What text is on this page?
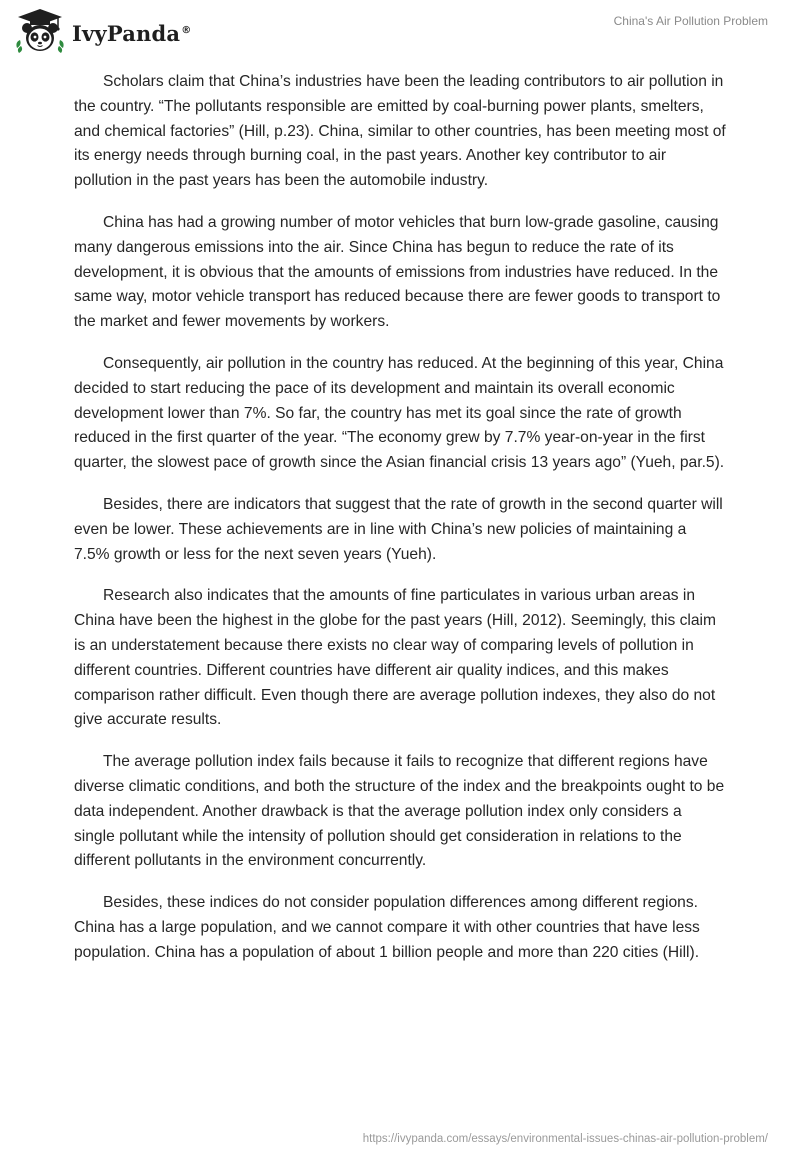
IvyPanda®
China's Air Pollution Problem

Scholars claim that China’s industries have been the leading contributors to air pollution in the country. “The pollutants responsible are emitted by coal-burning power plants, smelters, and chemical factories” (Hill, p.23). China, similar to other countries, has been meeting most of its energy needs through burning coal, in the past years. Another key contributor to air pollution in the past years has been the automobile industry.

China has had a growing number of motor vehicles that burn low-grade gasoline, causing many dangerous emissions into the air. Since China has begun to reduce the rate of its development, it is obvious that the amounts of emissions from industries have reduced. In the same way, motor vehicle transport has reduced because there are fewer goods to transport to the market and fewer movements by workers.

Consequently, air pollution in the country has reduced. At the beginning of this year, China decided to start reducing the pace of its development and maintain its overall economic development lower than 7%. So far, the country has met its goal since the rate of growth reduced in the first quarter of the year. “The economy grew by 7.7% year-on-year in the first quarter, the slowest pace of growth since the Asian financial crisis 13 years ago” (Yueh, par.5).

Besides, there are indicators that suggest that the rate of growth in the second quarter will even be lower. These achievements are in line with China’s new policies of maintaining a 7.5% growth or less for the next seven years (Yueh).

Research also indicates that the amounts of fine particulates in various urban areas in China have been the highest in the globe for the past years (Hill, 2012). Seemingly, this claim is an understatement because there exists no clear way of comparing levels of pollution in different countries. Different countries have different air quality indices, and this makes comparison rather difficult. Even though there are average pollution indexes, they also do not give accurate results.

The average pollution index fails because it fails to recognize that different regions have diverse climatic conditions, and both the structure of the index and the breakpoints ought to be data independent. Another drawback is that the average pollution index only considers a single pollutant while the intensity of pollution should get consideration in relations to the different pollutants in the environment concurrently.

Besides, these indices do not consider population differences among different regions. China has a large population, and we cannot compare it with other countries that have less population. China has a population of about 1 billion people and more than 220 cities (Hill).

https://ivypanda.com/essays/environmental-issues-chinas-air-pollution-problem/
